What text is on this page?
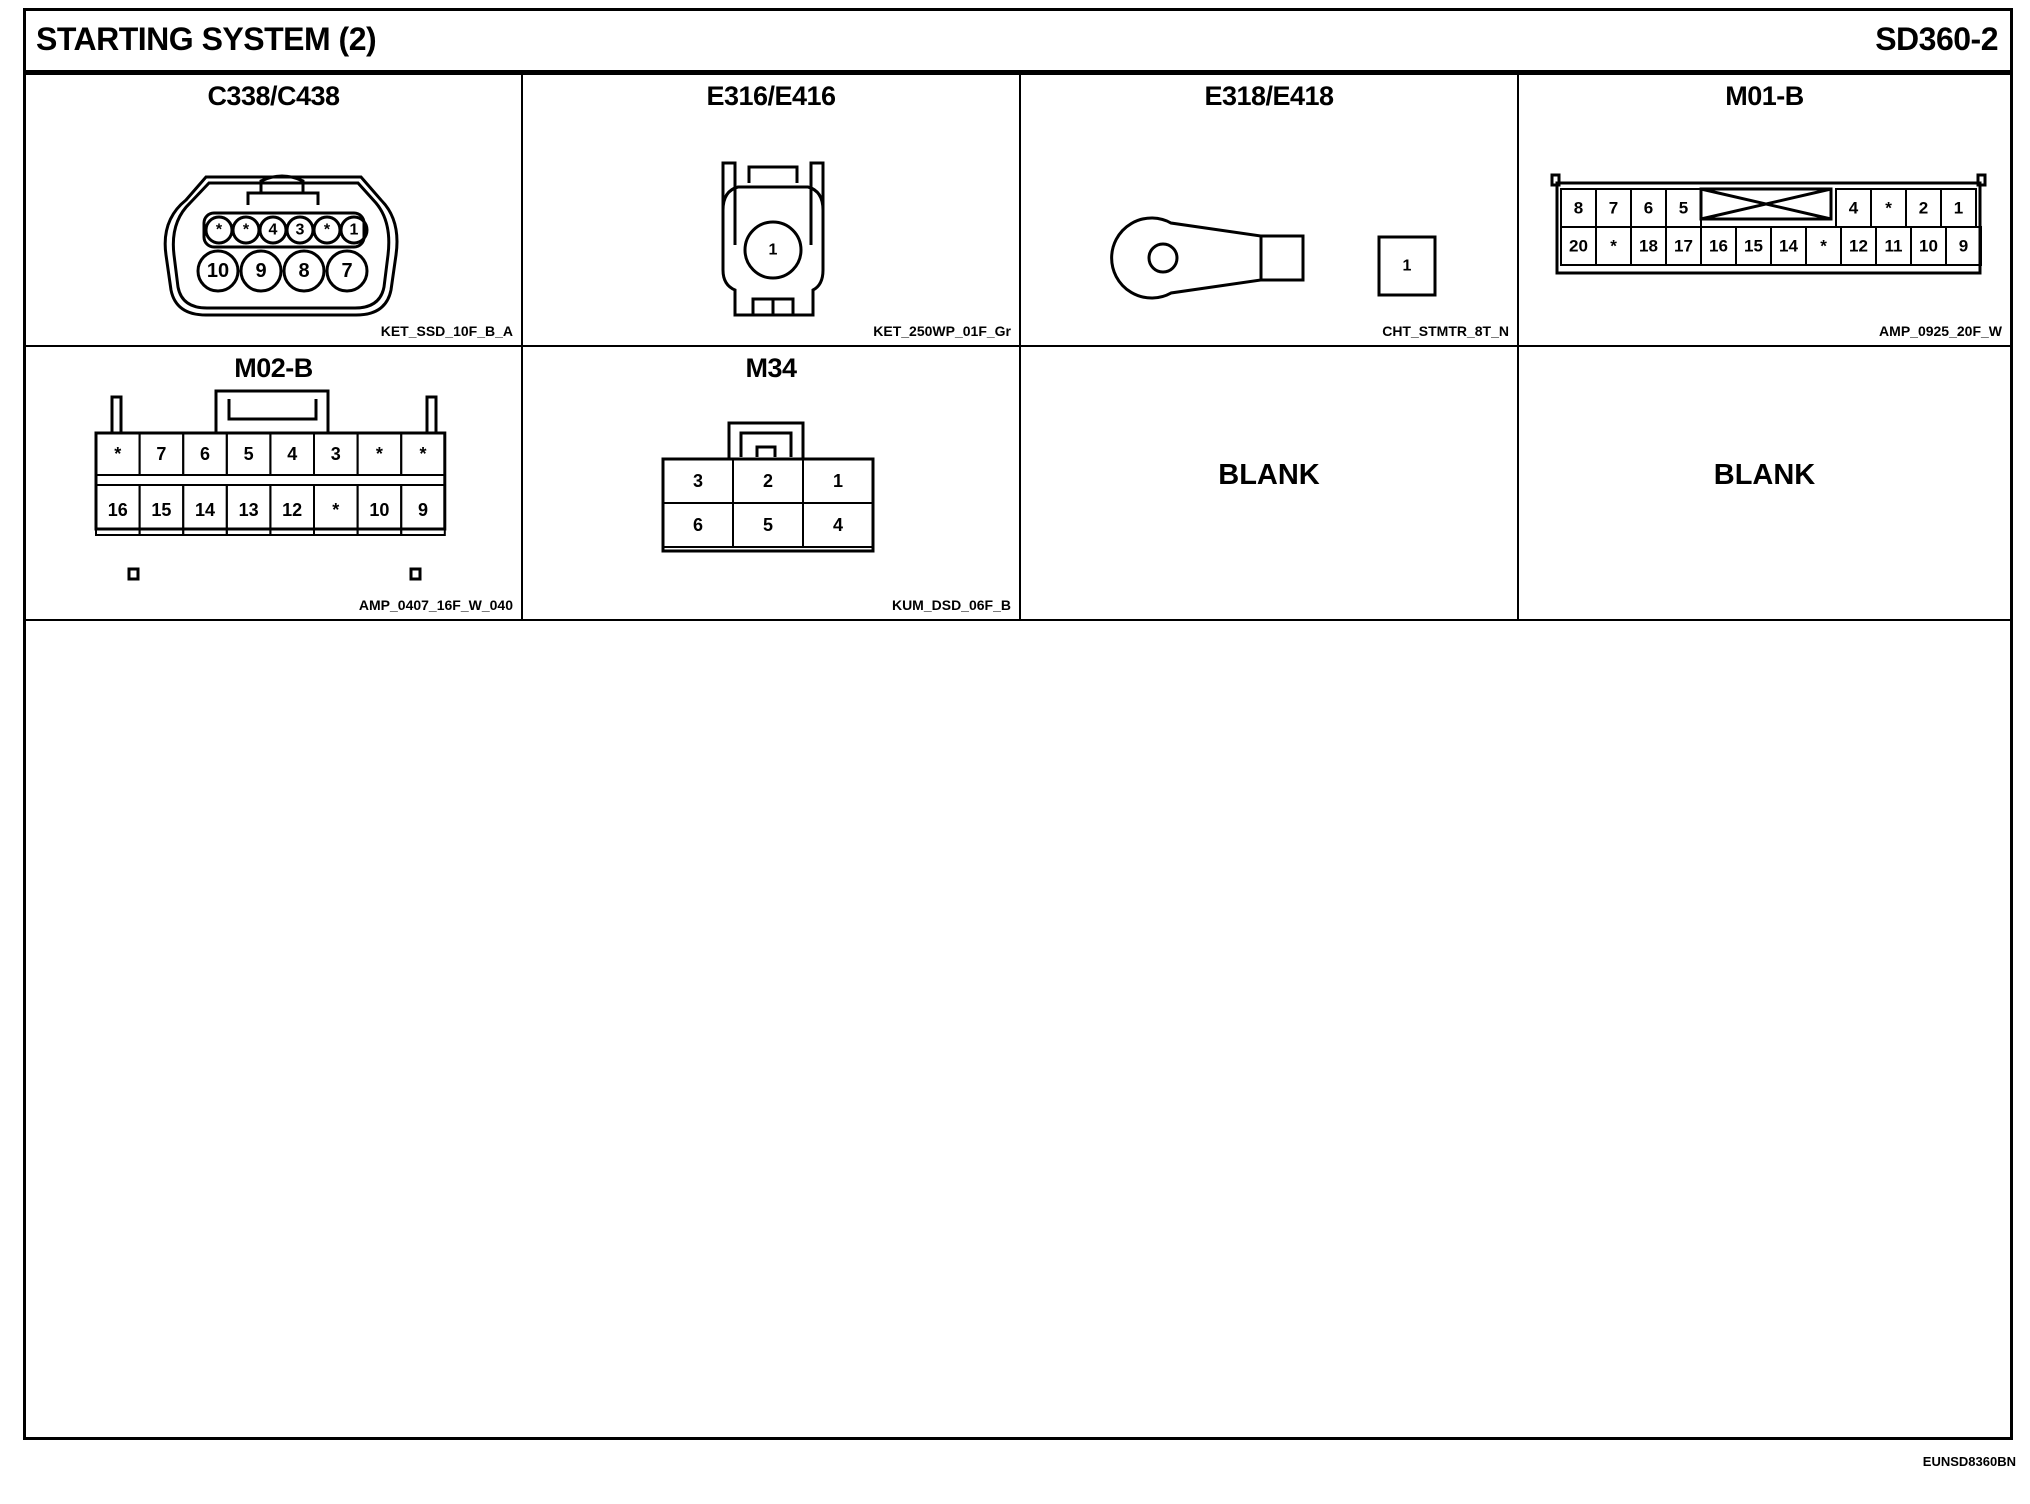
STARTING SYSTEM (2)	SD360-2
C338/C438
* * 4 3 * 1
10 9 8 7
KET_SSD_10F_B_A
E316/E416
1
KET_250WP_01F_Gr
E318/E418
1
CHT_STMTR_8T_N
M01-B
8 7 6 5	4 * 2 1
20 * 18 17 16 15 14 * 12 11 10 9
AMP_0925_20F_W
M02-B
* 7 6 5 4 3 * *
16 15 14 13 12 * 10 9
AMP_0407_16F_W_040
M34
3	2	1
6	5	4
KUM_DSD_06F_B
BLANK	BLANK
EUNSD8360BN
